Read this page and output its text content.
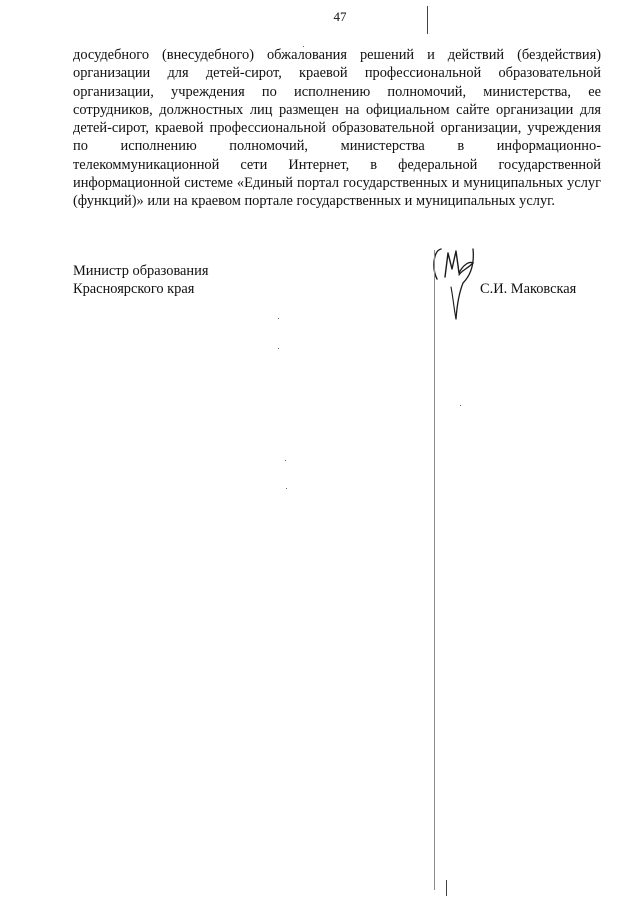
47
досудебного (внесудебного) обжалования решений и действий (бездействия) организации для детей-сирот, краевой профессиональной образовательной организации, учреждения по исполнению полномочий, министерства, ее сотрудников, должностных лиц размещен на официальном сайте организации для детей-сирот, краевой профессиональной образовательной организации, учреждения по исполнению полномочий, министерства в информационно-телекоммуникационной сети Интернет, в федеральной государственной информационной системе «Единый портал государственных и муниципальных услуг (функций)» или на краевом портале государственных и муниципальных услуг.
Министр образования
Красноярского края	С.И. Маковская
